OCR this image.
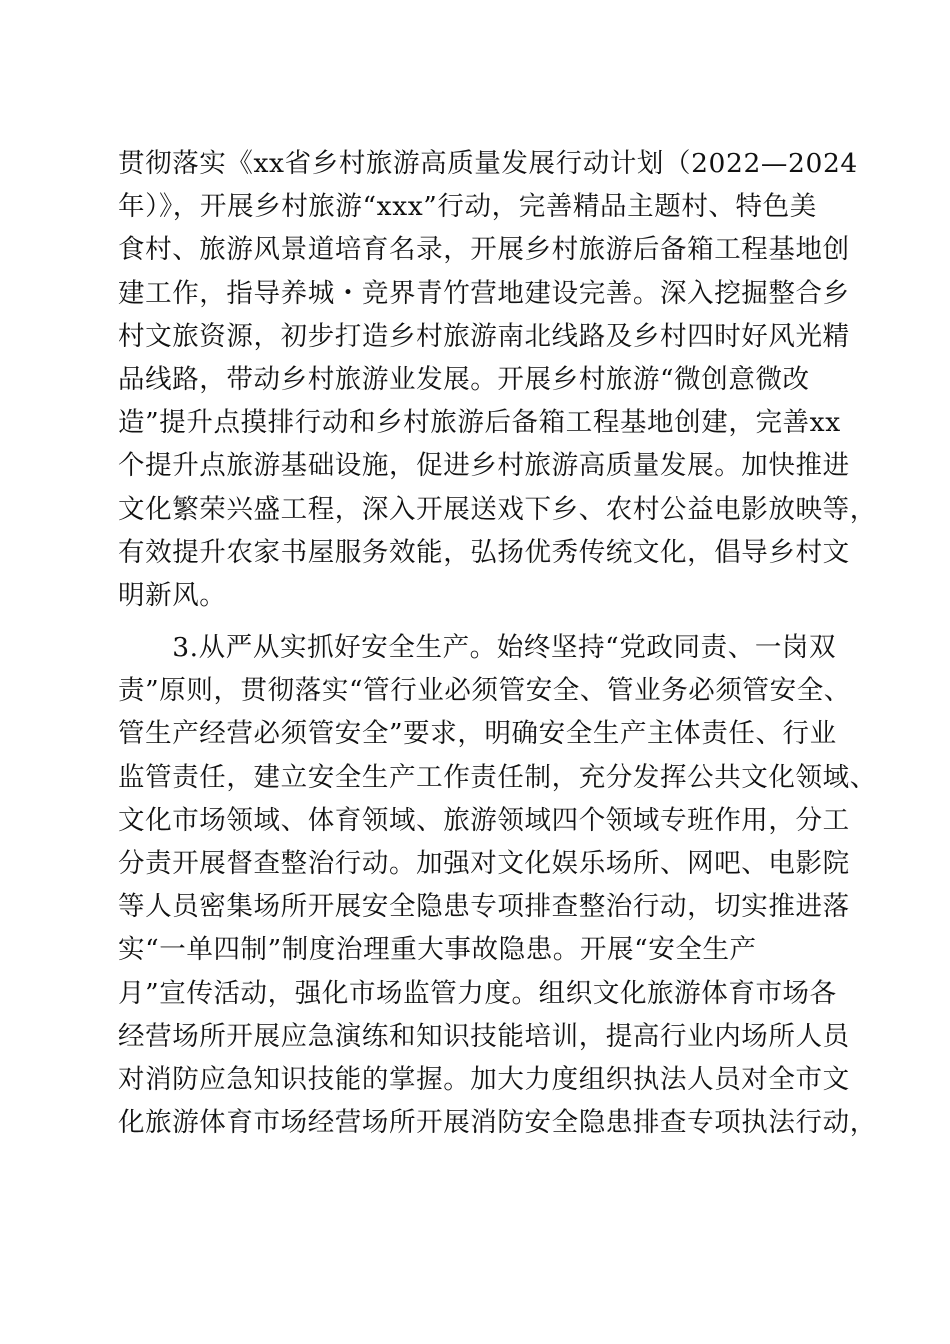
贯彻落实《xx省乡村旅游高质量发展行动计划（2022—2024

年）》，开展乡村旅游“xxx”行动，完善精品主题村、特色美

食村、旅游风景道培育名录，开展乡村旅游后备箱工程基地创

建工作，指导养城・竞界青竹营地建设完善。深入挖掘整合乡

村文旅资源，初步打造乡村旅游南北线路及乡村四时好风光精

品线路，带动乡村旅游业发展。开展乡村旅游“微创意微改

造”提升点摸排行动和乡村旅游后备箱工程基地创建，完善xx

个提升点旅游基础设施，促进乡村旅游高质量发展。加快推进

文化繁荣兴盛工程，深入开展送戏下乡、农村公益电影放映等，

有效提升农家书屋服务效能，弘扬优秀传统文化，倡导乡村文

明新风。

　　3.从严从实抓好安全生产。始终坚持“党政同责、一岗双

责”原则，贯彻落实“管行业必须管安全、管业务必须管安全、

管生产经营必须管安全”要求，明确安全生产主体责任、行业

监管责任，建立安全生产工作责任制，充分发挥公共文化领域、

文化市场领域、体育领域、旅游领域四个领域专班作用，分工

分责开展督查整治行动。加强对文化娱乐场所、网吧、电影院

等人员密集场所开展安全隐患专项排查整治行动，切实推进落

实“一单四制”制度治理重大事故隐患。开展“安全生产

月”宣传活动，强化市场监管力度。组织文化旅游体育市场各

经营场所开展应急演练和知识技能培训，提高行业内场所人员

对消防应急知识技能的掌握。加大力度组织执法人员对全市文

化旅游体育市场经营场所开展消防安全隐患排查专项执法行动，
